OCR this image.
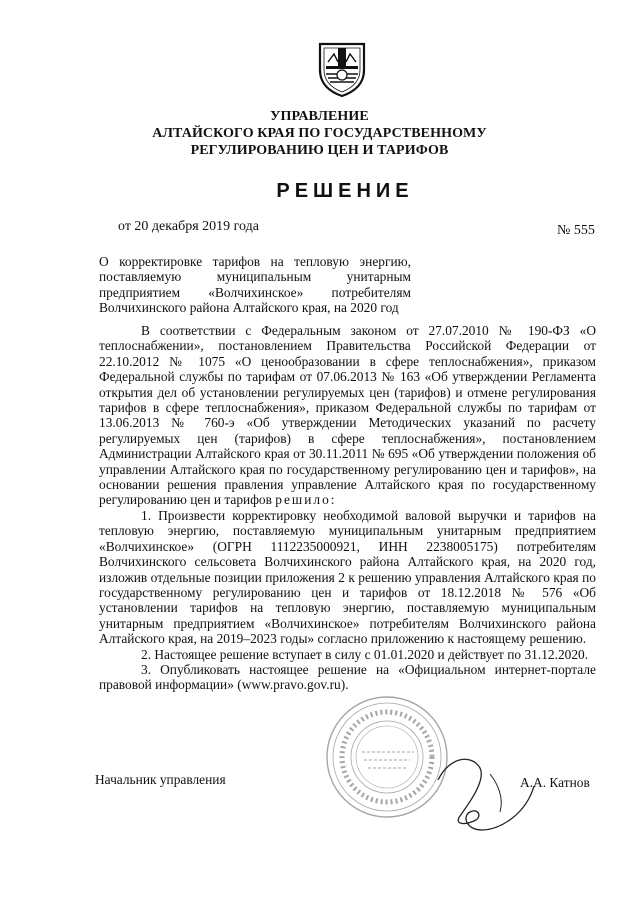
УПРАВЛЕНИЕ
АЛТАЙСКОГО КРАЯ ПО ГОСУДАРСТВЕННОМУ
РЕГУЛИРОВАНИЮ ЦЕН И ТАРИФОВ
РЕШЕНИЕ
от 20 декабря 2019 года	№ 555
О корректировке тарифов на тепловую энергию, поставляемую муниципальным унитарным предприятием «Волчихинское» потребителям Волчихинского района Алтайского края, на 2020 год

В соответствии с Федеральным законом от 27.07.2010 № 190-ФЗ «О теплоснабжении», постановлением Правительства Российской Федерации от 22.10.2012 № 1075 «О ценообразовании в сфере теплоснабжения», приказом Федеральной службы по тарифам от 07.06.2013 № 163 «Об утверждении Регламента открытия дел об установлении регулируемых цен (тарифов) и отмене регулирования тарифов в сфере теплоснабжения», приказом Федеральной службы по тарифам от 13.06.2013 № 760-э «Об утверждении Методических указаний по расчету регулируемых цен (тарифов) в сфере теплоснабжения», постановлением Администрации Алтайского края от 30.11.2011 № 695 «Об утверждении положения об управлении Алтайского края по государственному регулированию цен и тарифов», на основании решения правления управление Алтайского края по государственному регулированию цен и тарифов решило:

1. Произвести корректировку необходимой валовой выручки и тарифов на тепловую энергию, поставляемую муниципальным унитарным предприятием «Волчихинское» (ОГРН 1112235000921, ИНН 2238005175) потребителям Волчихинского сельсовета Волчихинского района Алтайского края, на 2020 год, изложив отдельные позиции приложения 2 к решению управления Алтайского края по государственному регулированию цен и тарифов от 18.12.2018 № 576 «Об установлении тарифов на тепловую энергию, поставляемую муниципальным унитарным предприятием «Волчихинское» потребителям Волчихинского района Алтайского края, на 2019–2023 годы» согласно приложению к настоящему решению.

2. Настоящее решение вступает в силу с 01.01.2020 и действует по 31.12.2020.

3. Опубликовать настоящее решение на «Официальном интернет-портале правовой информации» (www.pravo.gov.ru).

Начальник управления	А.А. Катнов
